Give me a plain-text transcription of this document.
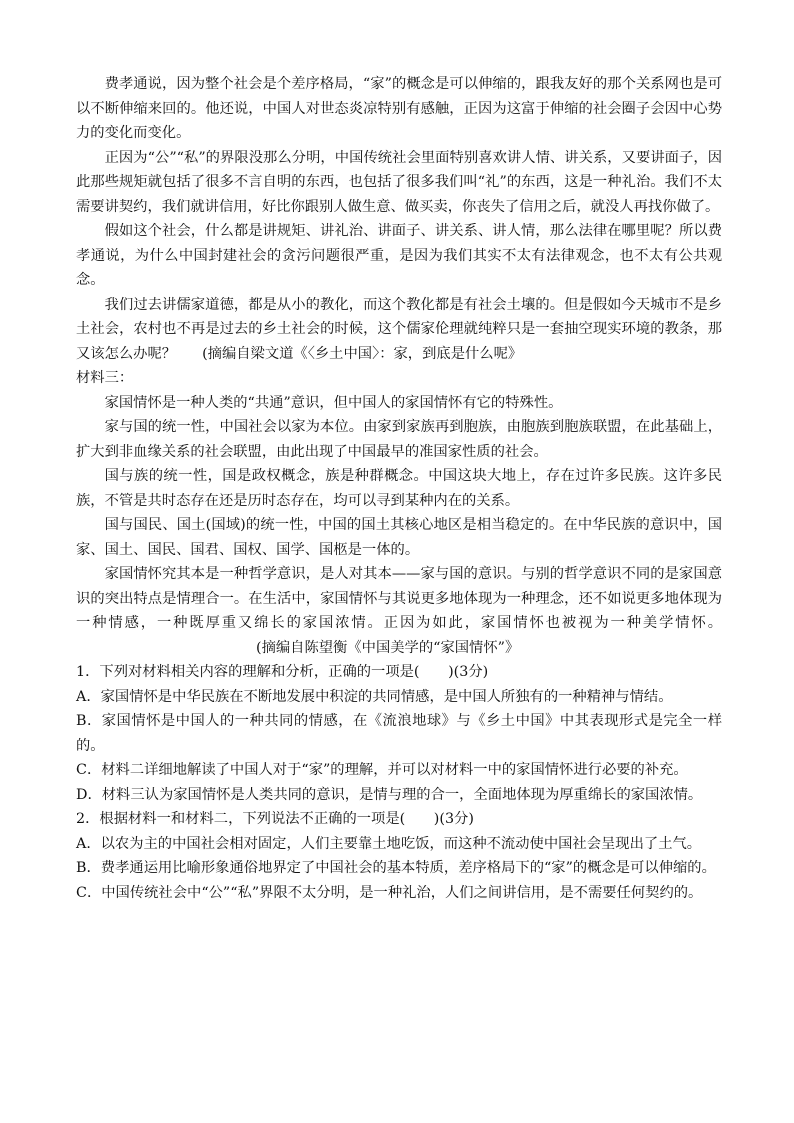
费孝通说，因为整个社会是个差序格局，“家”的概念是可以伸缩的，跟我友好的那个关系网也是可以不断伸缩来回的。他还说，中国人对世态炎凉特别有感触，正因为这富于伸缩的社会圈子会因中心势力的变化而变化。

正因为“公”“私”的界限没那么分明，中国传统社会里面特别喜欢讲人情、讲关系，又要讲面子，因此那些规矩就包括了很多不言自明的东西，也包括了很多我们叫“礼”的东西，这是一种礼治。我们不太需要讲契约，我们就讲信用，好比你跟别人做生意、做买卖，你丧失了信用之后，就没人再找你做了。

假如这个社会，什么都是讲规矩、讲礼治、讲面子、讲关系、讲人情，那么法律在哪里呢？所以费孝通说，为什么中国封建社会的贪污问题很严重，是因为我们其实不太有法律观念，也不太有公共观念。

我们过去讲儒家道德，都是从小的教化，而这个教化都是有社会土壤的。但是假如今天城市不是乡土社会，农村也不再是过去的乡土社会的时候，这个儒家伦理就纯粹只是一套抽空现实环境的教条，那又该怎么办呢？ (摘编自梁文道《〈乡土中国〉：家，到底是什么呢》

材料三：

家国情怀是一种人类的“共通”意识，但中国人的家国情怀有它的特殊性。

家与国的统一性，中国社会以家为本位。由家到家族再到胞族，由胞族到胞族联盟，在此基础上，扩大到非血缘关系的社会联盟，由此出现了中国最早的准国家性质的社会。

国与族的统一性，国是政权概念，族是种群概念。中国这块大地上，存在过许多民族。这许多民族，不管是共时态存在还是历时态存在，均可以寻到某种内在的关系。

国与国民、国土(国域)的统一性，中国的国土其核心地区是相当稳定的。在中华民族的意识中，国家、国土、国民、国君、国权、国学、国柩是一体的。

家国情怀究其本是一种哲学意识，是人对其本——家与国的意识。与别的哲学意识不同的是家国意识的突出特点是情理合一。在生活中，家国情怀与其说更多地体现为一种理念，还不如说更多地体现为一种情感，一种既厚重又绵长的家国浓情。正因为如此，家国情怀也被视为一种美学情怀。(摘编自陈望衡《中国美学的“家国情怀”》

1．下列对材料相关内容的理解和分析，正确的一项是(　　)(3分)

A．家国情怀是中华民族在不断地发展中积淀的共同情感，是中国人所独有的一种精神与情结。

B．家国情怀是中国人的一种共同的情感，在《流浪地球》与《乡土中国》中其表现形式是完全一样的。

C．材料二详细地解读了中国人对于“家”的理解，并可以对材料一中的家国情怀进行必要的补充。

D．材料三认为家国情怀是人类共同的意识，是情与理的合一，全面地体现为厚重绵长的家国浓情。

2．根据材料一和材料二，下列说法不正确的一项是(　　)(3分)

A．以农为主的中国社会相对固定，人们主要靠土地吃饭，而这种不流动使中国社会呈现出了土气。

B．费孝通运用比喻形象通俗地界定了中国社会的基本特质，差序格局下的“家”的概念是可以伸缩的。

C．中国传统社会中“公”“私”界限不太分明，是一种礼治，人们之间讲信用，是不需要任何契约的。
